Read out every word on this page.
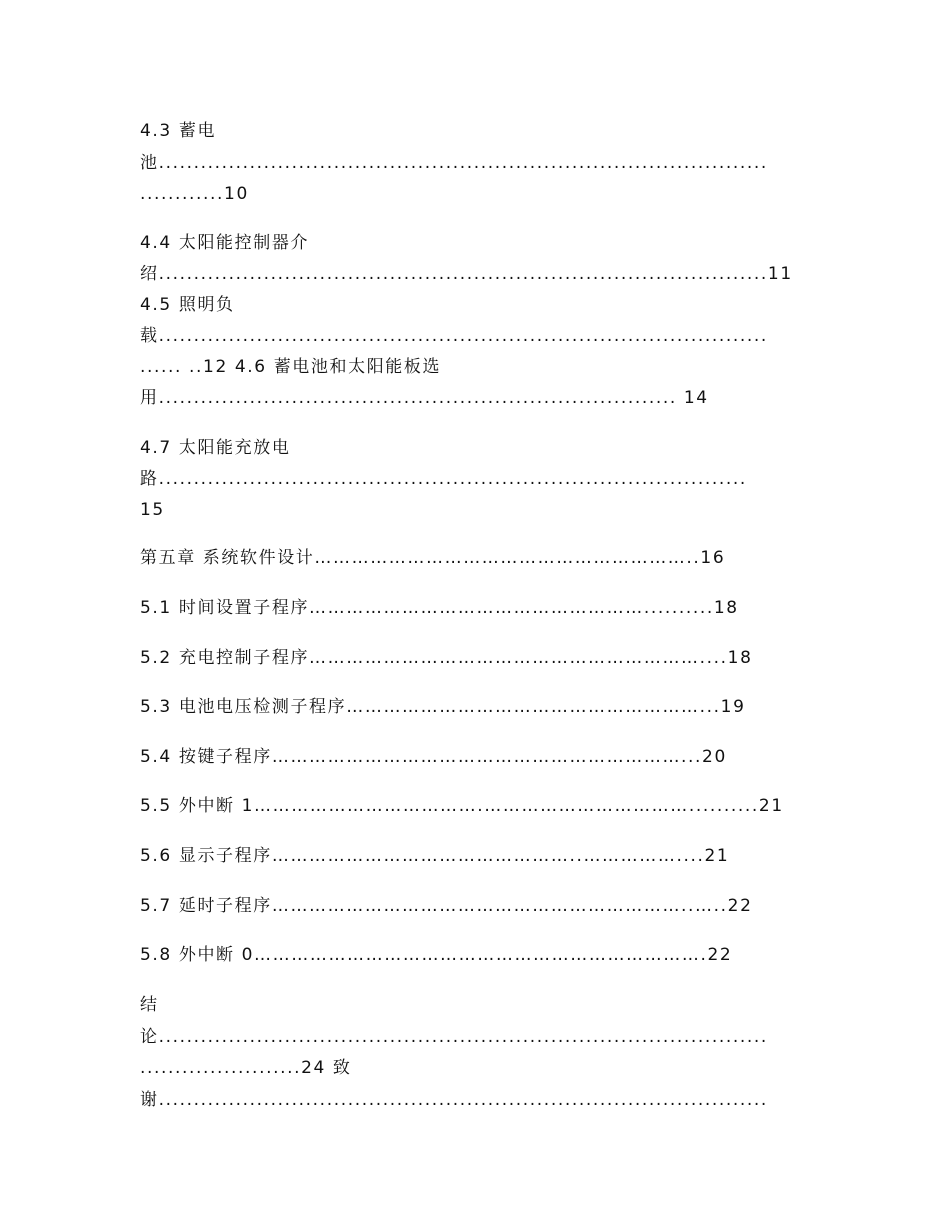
4.3 蓄电

池.......................................................................................

............10

4.4 太阳能控制器介

绍.......................................................................................11

4.5 照明负

载.......................................................................................

...... ..12 4.6 蓄电池和太阳能板选

用.......................................................................... 14

4.7 太阳能充放电

路....................................................................................

15

第五章 系统软件设计……………………………………………………..16

5.1 时间设置子程序………………………………………………..........18

5.2 充电控制子程序………………………………………………………....18

5.3 电池电压检测子程序…………………………………………………...19

5.4 按键子程序…………………………………………………………...20

5.5 外中断 1……………………………….……………………………..........21

5.6 显示子程序…………………………………………..……………....21

5.7 延时子程序…………………………………………………………..…..22

5.8 外中断 0……………………………………………………………….22

结

论.......................................................................................

.......................24 致

谢.......................................................................................
